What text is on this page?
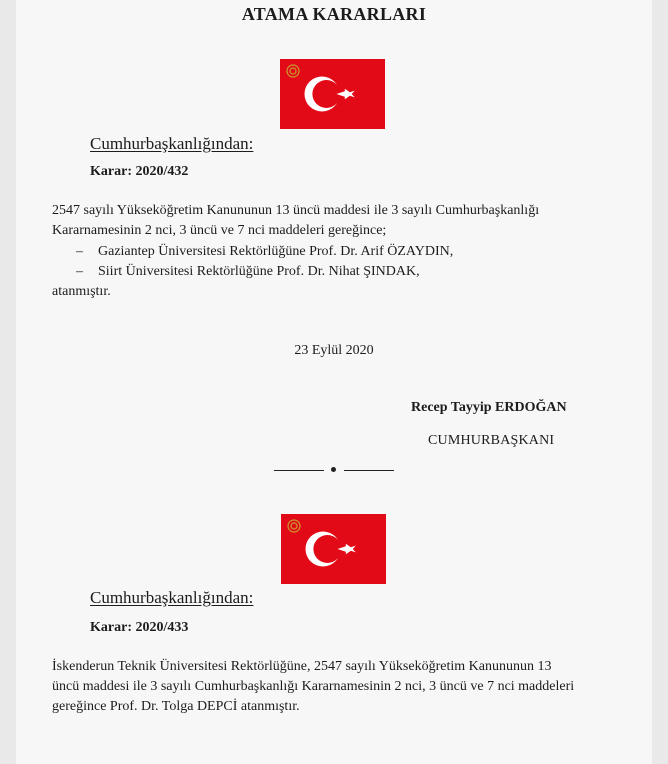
ATAMA KARARLARI
Cumhurbaşkanlığından:
Karar: 2020/432
2547 sayılı Yükseköğretim Kanununun 13 üncü maddesi ile 3 sayılı Cumhurbaşkanlığı
Kararnamesinin 2 nci, 3 üncü ve 7 nci maddeleri gereğince;
– Gaziantep Üniversitesi Rektörlüğüne Prof. Dr. Arif ÖZAYDIN,
– Siirt Üniversitesi Rektörlüğüne Prof. Dr. Nihat ŞINDAK,
atanmıştır.
23 Eylül 2020
Recep Tayyip ERDOĞAN
CUMHURBAŞKANI
Cumhurbaşkanlığından:
Karar: 2020/433
İskenderun Teknik Üniversitesi Rektörlüğüne, 2547 sayılı Yükseköğretim Kanununun 13
üncü maddesi ile 3 sayılı Cumhurbaşkanlığı Kararnamesinin 2 nci, 3 üncü ve 7 nci maddeleri
gereğince Prof. Dr. Tolga DEPCİ atanmıştır.
